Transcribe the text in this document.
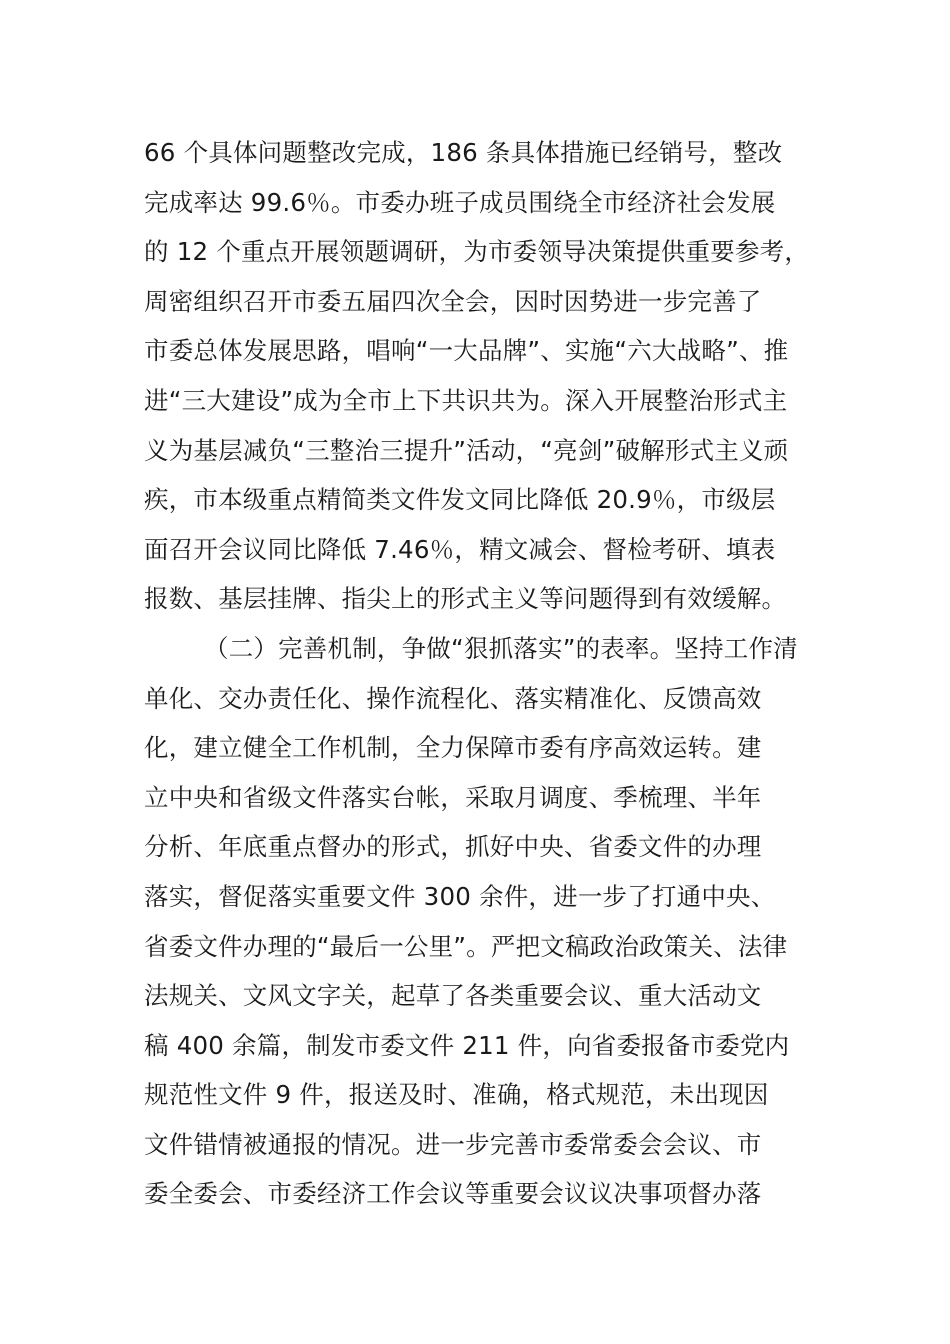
66 个具体问题整改完成，186 条具体措施已经销号，整改
完成率达 99.6％。市委办班子成员围绕全市经济社会发展
的 12 个重点开展领题调研，为市委领导决策提供重要参考，
周密组织召开市委五届四次全会，因时因势进一步完善了
市委总体发展思路，唱响“一大品牌”、实施“六大战略”、推
进“三大建设”成为全市上下共识共为。深入开展整治形式主
义为基层减负“三整治三提升”活动，“亮剑”破解形式主义顽
疾，市本级重点精简类文件发文同比降低 20.9％，市级层
面召开会议同比降低 7.46％，精文减会、督检考研、填表
报数、基层挂牌、指尖上的形式主义等问题得到有效缓解。
（二）完善机制，争做“狠抓落实”的表率。坚持工作清
单化、交办责任化、操作流程化、落实精准化、反馈高效
化，建立健全工作机制，全力保障市委有序高效运转。建
立中央和省级文件落实台帐，采取月调度、季梳理、半年
分析、年底重点督办的形式，抓好中央、省委文件的办理
落实，督促落实重要文件 300 余件，进一步了打通中央、
省委文件办理的“最后一公里”。严把文稿政治政策关、法律
法规关、文风文字关，起草了各类重要会议、重大活动文
稿 400 余篇，制发市委文件 211 件，向省委报备市委党内
规范性文件 9 件，报送及时、准确，格式规范，未出现因
文件错情被通报的情况。进一步完善市委常委会会议、市
委全委会、市委经济工作会议等重要会议议决事项督办落
